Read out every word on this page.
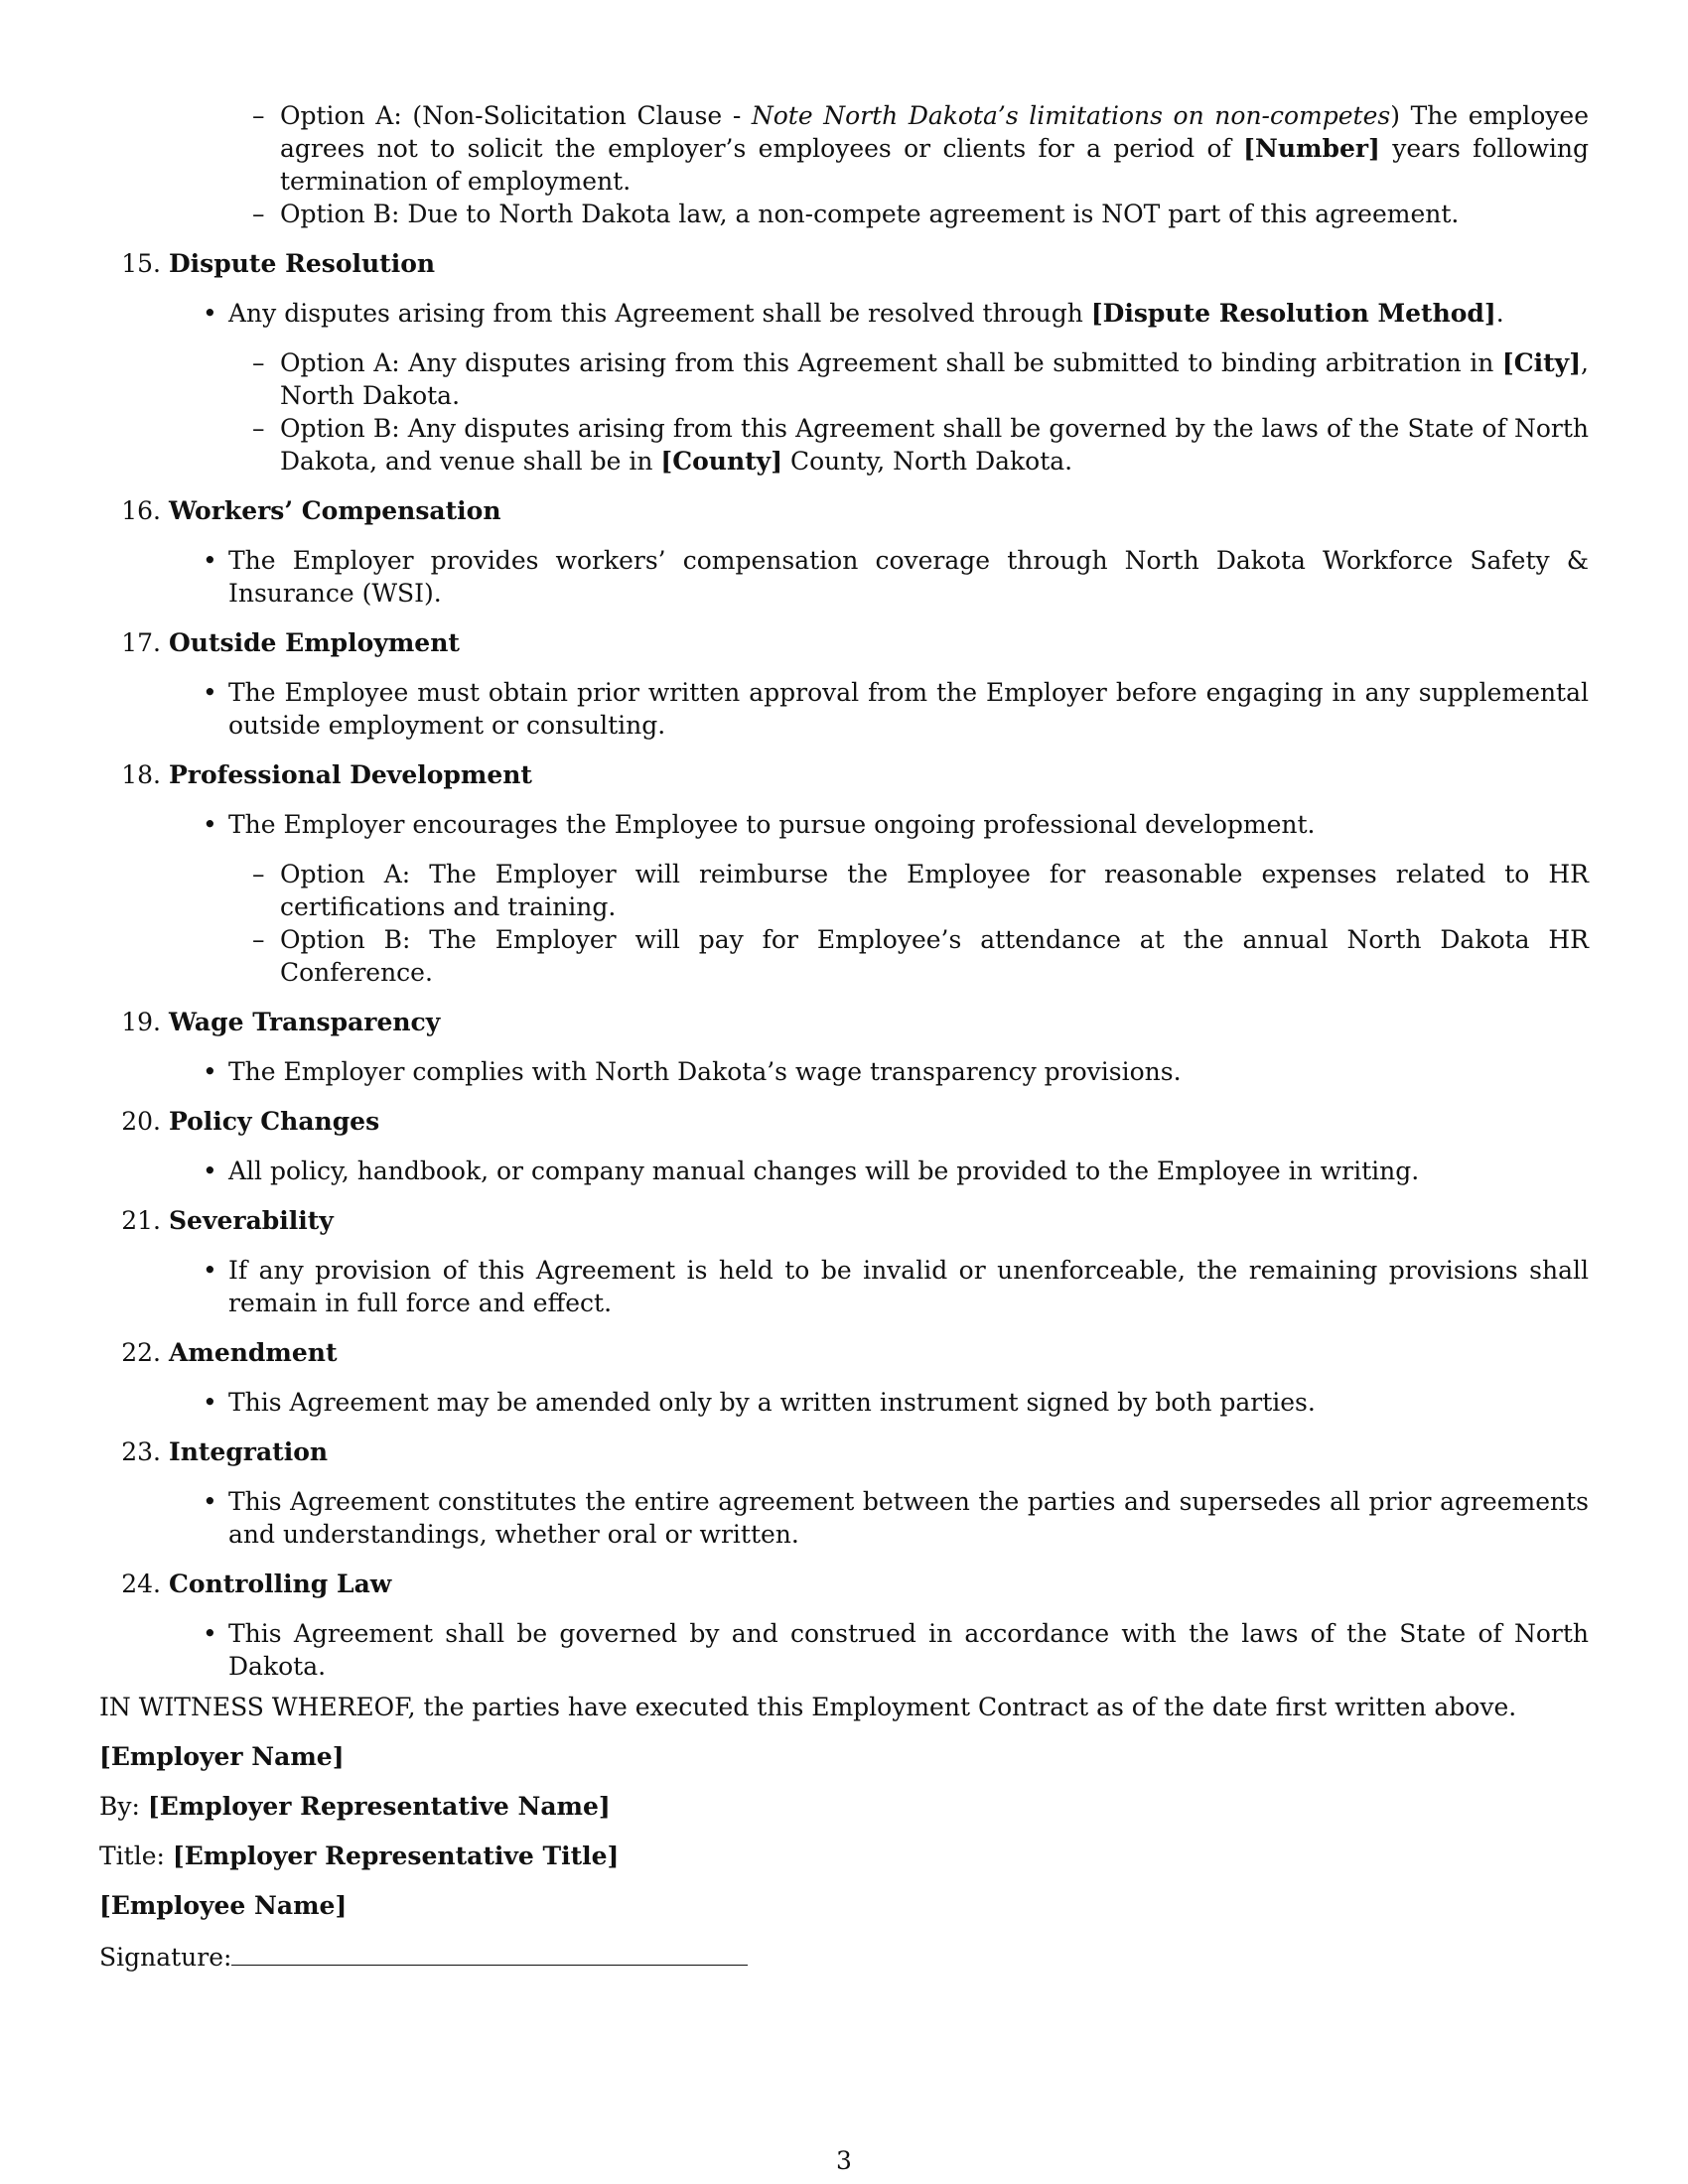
– Option A: (Non-Solicitation Clause - Note North Dakota’s limitations on non-competes) The employee agrees not to solicit the employer’s employees or clients for a period of [Number] years following termination of employment.
– Option B: Due to North Dakota law, a non-compete agreement is NOT part of this agreement.
15. Dispute Resolution
• Any disputes arising from this Agreement shall be resolved through [Dispute Resolution Method].
– Option A: Any disputes arising from this Agreement shall be submitted to binding arbitration in [City], North Dakota.
– Option B: Any disputes arising from this Agreement shall be governed by the laws of the State of North Dakota, and venue shall be in [County] County, North Dakota.
16. Workers’ Compensation
• The Employer provides workers’ compensation coverage through North Dakota Workforce Safety & Insurance (WSI).
17. Outside Employment
• The Employee must obtain prior written approval from the Employer before engaging in any supplemental outside employment or consulting.
18. Professional Development
• The Employer encourages the Employee to pursue ongoing professional development.
– Option A: The Employer will reimburse the Employee for reasonable expenses related to HR certifications and training.
– Option B: The Employer will pay for Employee’s attendance at the annual North Dakota HR Conference.
19. Wage Transparency
• The Employer complies with North Dakota’s wage transparency provisions.
20. Policy Changes
• All policy, handbook, or company manual changes will be provided to the Employee in writing.
21. Severability
• If any provision of this Agreement is held to be invalid or unenforceable, the remaining provisions shall remain in full force and effect.
22. Amendment
• This Agreement may be amended only by a written instrument signed by both parties.
23. Integration
• This Agreement constitutes the entire agreement between the parties and supersedes all prior agreements and understandings, whether oral or written.
24. Controlling Law
• This Agreement shall be governed by and construed in accordance with the laws of the State of North Dakota.
IN WITNESS WHEREOF, the parties have executed this Employment Contract as of the date first written above.
[Employer Name]
By: [Employer Representative Name]
Title: [Employer Representative Title]
[Employee Name]
Signature:
3
